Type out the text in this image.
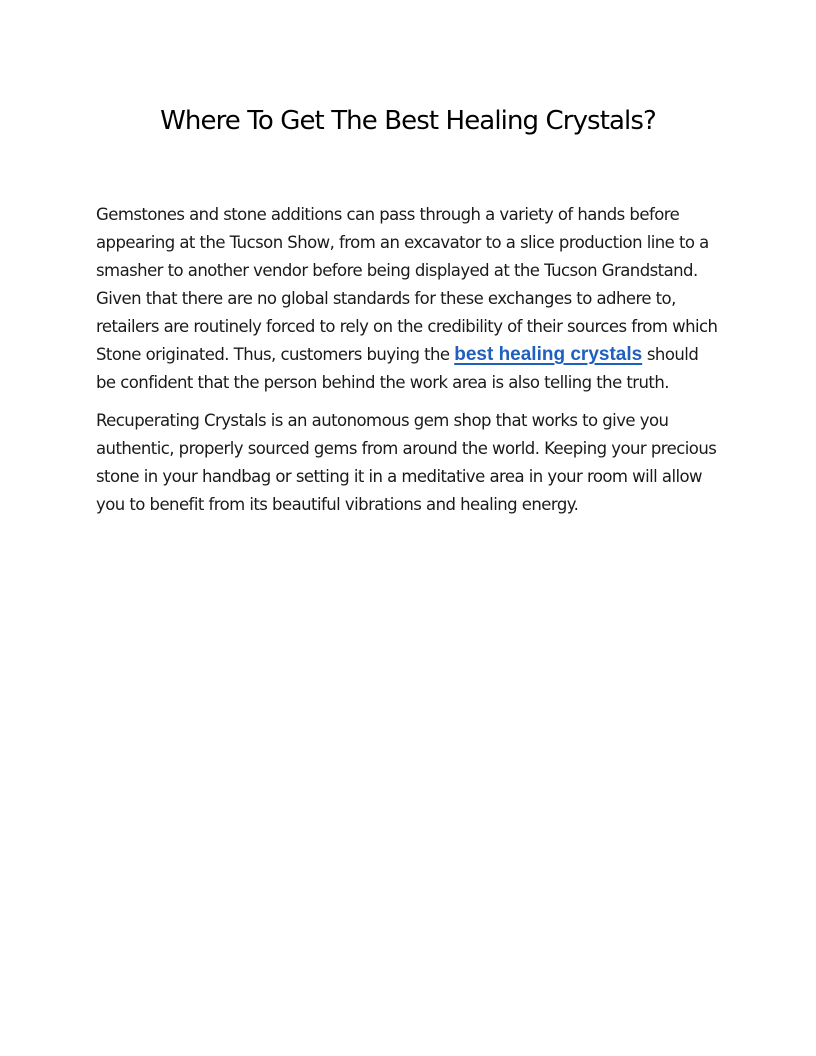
Where To Get The Best Healing Crystals?

Gemstones and stone additions can pass through a variety of hands before appearing at the Tucson Show, from an excavator to a slice production line to a smasher to another vendor before being displayed at the Tucson Grandstand. Given that there are no global standards for these exchanges to adhere to, retailers are routinely forced to rely on the credibility of their sources from which Stone originated. Thus, customers buying the best healing crystals should be confident that the person behind the work area is also telling the truth.

Recuperating Crystals is an autonomous gem shop that works to give you authentic, properly sourced gems from around the world. Keeping your precious stone in your handbag or setting it in a meditative area in your room will allow you to benefit from its beautiful vibrations and healing energy.
